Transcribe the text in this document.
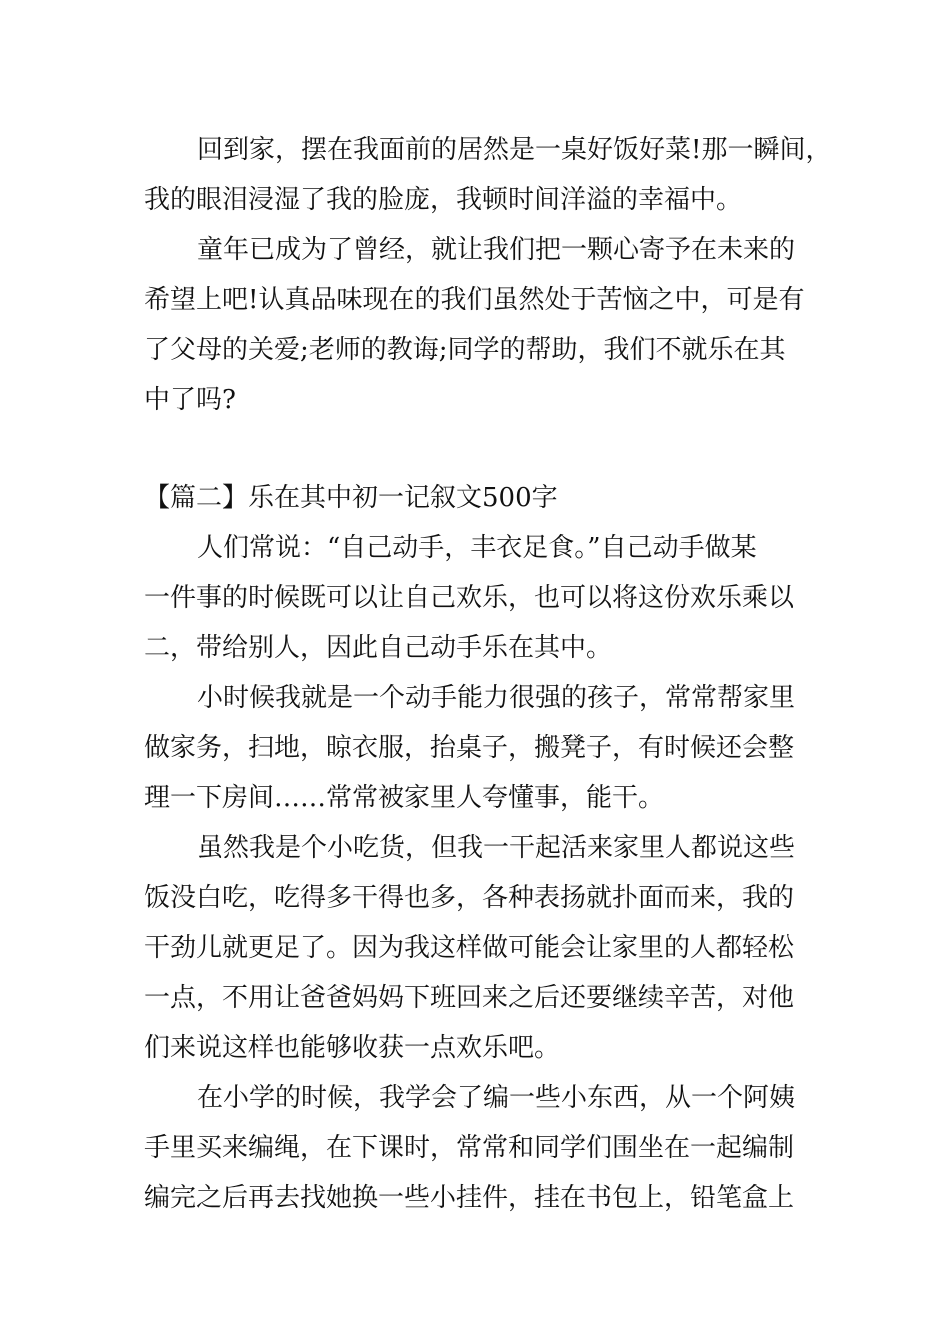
回到家，摆在我面前的居然是一桌好饭好菜!那一瞬间，
我的眼泪浸湿了我的脸庞，我顿时间洋溢的幸福中。
童年已成为了曾经，就让我们把一颗心寄予在未来的
希望上吧!认真品味现在的我们虽然处于苦恼之中，可是有
了父母的关爱;老师的教诲;同学的帮助，我们不就乐在其
中了吗?
【篇二】乐在其中初一记叙文500字
人们常说：“自己动手，丰衣足食。”自己动手做某
一件事的时候既可以让自己欢乐，也可以将这份欢乐乘以
二，带给别人，因此自己动手乐在其中。
小时候我就是一个动手能力很强的孩子，常常帮家里
做家务，扫地，晾衣服，抬桌子，搬凳子，有时候还会整
理一下房间……常常被家里人夸懂事，能干。
虽然我是个小吃货，但我一干起活来家里人都说这些
饭没白吃，吃得多干得也多，各种表扬就扑面而来，我的
干劲儿就更足了。因为我这样做可能会让家里的人都轻松
一点，不用让爸爸妈妈下班回来之后还要继续辛苦，对他
们来说这样也能够收获一点欢乐吧。
在小学的时候，我学会了编一些小东西，从一个阿姨
手里买来编绳，在下课时，常常和同学们围坐在一起编制
编完之后再去找她换一些小挂件，挂在书包上，铅笔盒上
